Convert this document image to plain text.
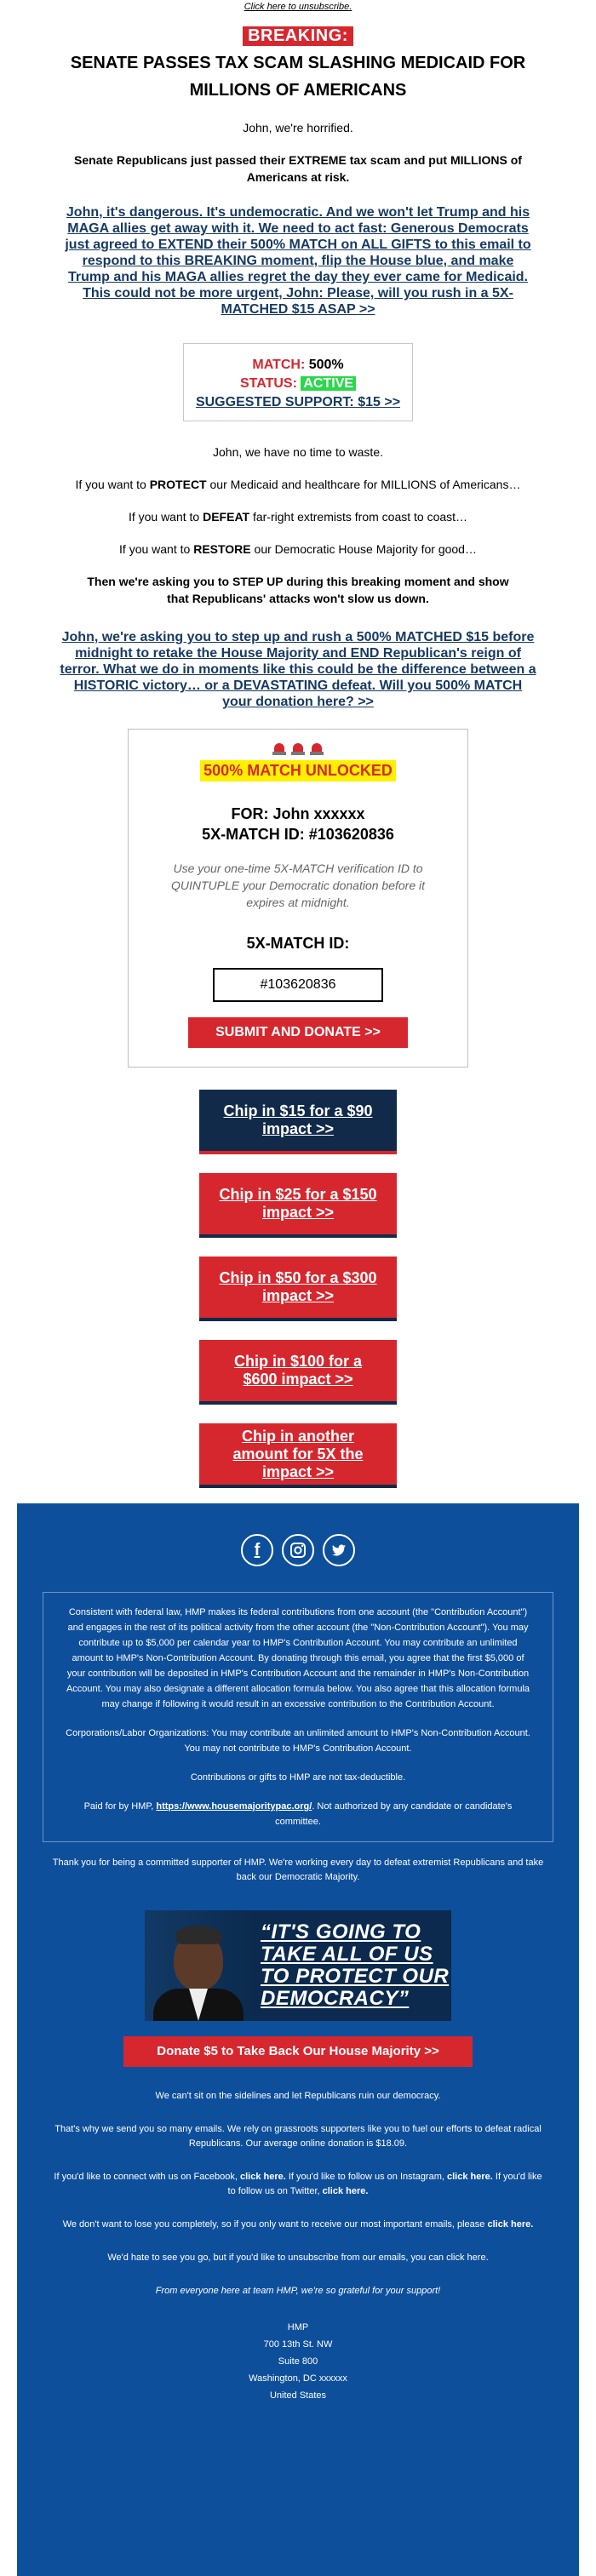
Click here to unsubscribe.
BREAKING:
SENATE PASSES TAX SCAM SLASHING MEDICAID FOR MILLIONS OF AMERICANS

John, we're horrified.

Senate Republicans just passed their EXTREME tax scam and put MILLIONS of Americans at risk.

John, it's dangerous. It's undemocratic. And we won't let Trump and his MAGA allies get away with it. We need to act fast: Generous Democrats just agreed to EXTEND their 500% MATCH on ALL GIFTS to this email to respond to this BREAKING moment, flip the House blue, and make Trump and his MAGA allies regret the day they ever came for Medicaid. This could not be more urgent, John: Please, will you rush in a 5X-MATCHED $15 ASAP >>
MATCH: 500%
STATUS: ACTIVE
SUGGESTED SUPPORT: $15 >>

John, we have no time to waste.

If you want to PROTECT our Medicaid and healthcare for MILLIONS of Americans…

If you want to DEFEAT far-right extremists from coast to coast…

If you want to RESTORE our Democratic House Majority for good…

Then we're asking you to STEP UP during this breaking moment and show that Republicans' attacks won't slow us down.

John, we're asking you to step up and rush a 500% MATCHED $15 before midnight to retake the House Majority and END Republican's reign of terror. What we do in moments like this could be the difference between a HISTORIC victory… or a DEVASTATING defeat. Will you 500% MATCH your donation here? >>
500% MATCH UNLOCKED
FOR: John xxxxxx
5X-MATCH ID: #103620836

Use your one-time 5X-MATCH verification ID to QUINTUPLE your Democratic donation before it expires at midnight.

5X-MATCH ID:
#103620836
SUBMIT AND DONATE >>
Chip in $15 for a $90 impact >>
Chip in $25 for a $150 impact >>
Chip in $50 for a $300 impact >>
Chip in $100 for a $600 impact >>
Chip in another amount for 5X the impact >>
f

Consistent with federal law, HMP makes its federal contributions from one account (the "Contribution Account") and engages in the rest of its political activity from the other account (the "Non-Contribution Account"). You may contribute up to $5,000 per calendar year to HMP's Contribution Account. You may contribute an unlimited amount to HMP's Non-Contribution Account. By donating through this email, you agree that the first $5,000 of your contribution will be deposited in HMP's Contribution Account and the remainder in HMP's Non-Contribution Account. You may also designate a different allocation formula below. You also agree that this allocation formula may change if following it would result in an excessive contribution to the Contribution Account.

Corporations/Labor Organizations: You may contribute an unlimited amount to HMP's Non-Contribution Account. You may not contribute to HMP's Contribution Account.

Contributions or gifts to HMP are not tax-deductible.

Paid for by HMP, https://www.housemajoritypac.org/. Not authorized by any candidate or candidate's committee.

Thank you for being a committed supporter of HMP. We're working every day to defeat extremist Republicans and take back our Democratic Majority.

“IT'S GOING TO TAKE ALL OF US TO PROTECT OUR DEMOCRACY”
Donate $5 to Take Back Our House Majority >>

We can't sit on the sidelines and let Republicans ruin our democracy.

That's why we send you so many emails. We rely on grassroots supporters like you to fuel our efforts to defeat radical Republicans. Our average online donation is $18.09.

If you'd like to connect with us on Facebook, click here. If you'd like to follow us on Instagram, click here. If you'd like to follow us on Twitter, click here.

We don't want to lose you completely, so if you only want to receive our most important emails, please click here.

We'd hate to see you go, but if you'd like to unsubscribe from our emails, you can click here.

From everyone here at team HMP, we're so grateful for your support!

HMP
700 13th St. NW
Suite 800
Washington, DC xxxxxx
United States
